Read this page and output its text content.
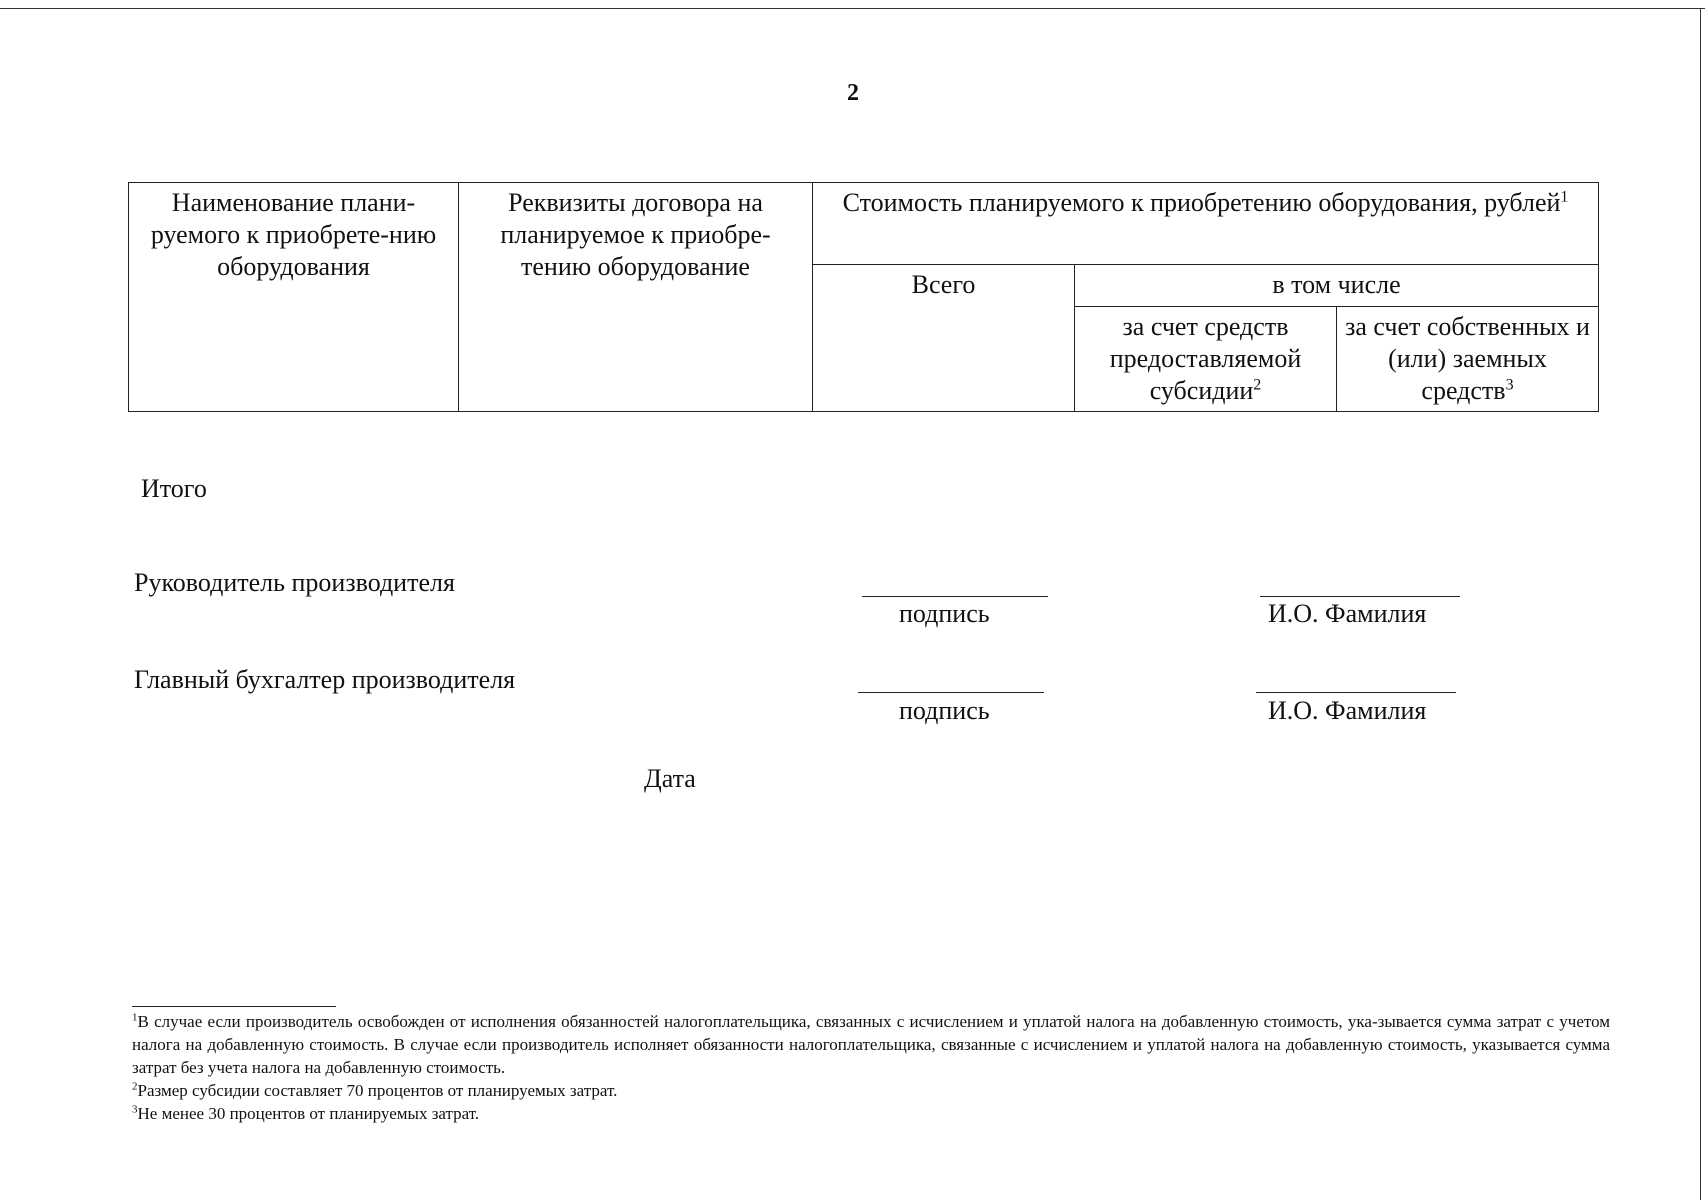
2
Наименование плани-руемого к приобрете-нию оборудования	Реквизиты договора на планируемое к приобре-тению оборудование	Стоимость планируемого к приобретению оборудования, рублей$^1$
		Всего	в том числе	
			за счет средств предоставляемой субсидии$^2$	за счет собственных и (или) заемных средств$^3$
Итого
Руководитель производителя
подпись	И.О. Фамилия
Главный бухгалтер производителя
подпись	И.О. Фамилия
Дата
$^1$В случае если производитель освобожден от исполнения обязанностей налогоплательщика, связанных с исчислением и уплатой налога на добавленную стоимость, ука-зывается сумма затрат с учетом налога на добавленную стоимость. В случае если производитель исполняет обязанности налогоплательщика, связанные с исчислением и уплатой налога на добавленную стоимость, указывается сумма затрат без учета налога на добавленную стоимость.
$^2$Размер субсидии составляет 70 процентов от планируемых затрат.
$^3$Не менее 30 процентов от планируемых затрат.
